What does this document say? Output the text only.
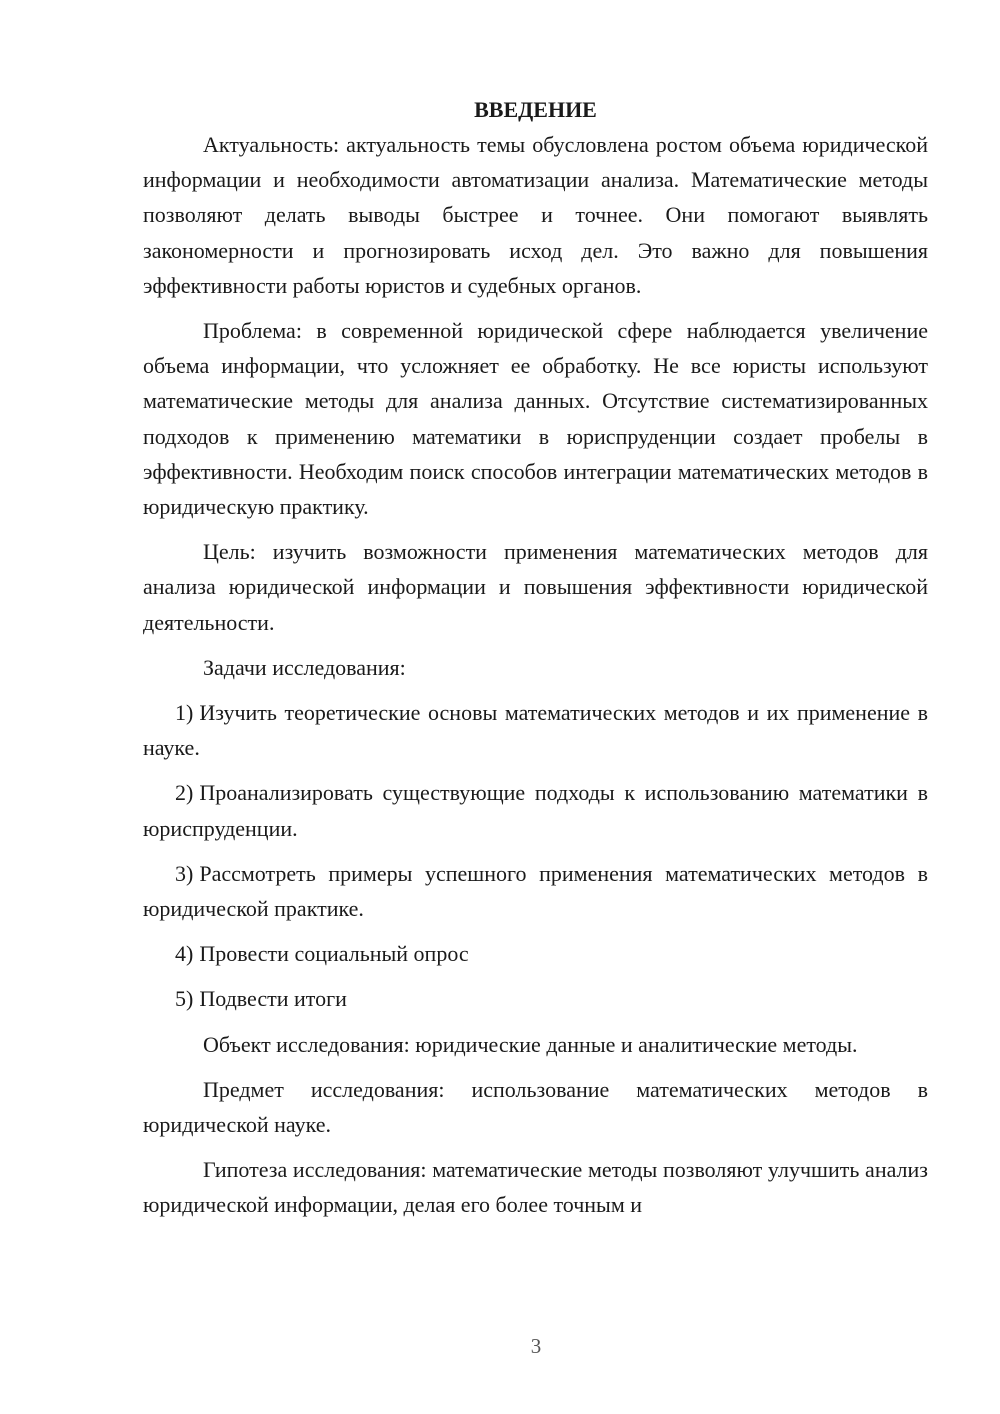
ВВЕДЕНИЕ

Актуальность: актуальность темы обусловлена ростом объема юридической информации и необходимости автоматизации анализа. Математические методы позволяют делать выводы быстрее и точнее. Они помогают выявлять закономерности и прогнозировать исход дел. Это важно для повышения эффективности работы юристов и судебных органов.

Проблема: в современной юридической сфере наблюдается увеличение объема информации, что усложняет ее обработку. Не все юристы используют математические методы для анализа данных. Отсутствие систематизированных подходов к применению математики в юриспруденции создает пробелы в эффективности. Необходим поиск способов интеграции математических методов в юридическую практику.

Цель: изучить возможности применения математических методов для анализа юридической информации и повышения эффективности юридической деятельности.

Задачи исследования:

1) Изучить теоретические основы математических методов и их применение в науке.

2) Проанализировать существующие подходы к использованию математики в юриспруденции.

3) Рассмотреть примеры успешного применения математических методов в юридической практике.

4) Провести социальный опрос

5) Подвести итоги

Объект исследования: юридические данные и аналитические методы.

Предмет исследования: использование математических методов в юридической науке.

Гипотеза исследования: математические методы позволяют улучшить анализ юридической информации, делая его более точным и

3
